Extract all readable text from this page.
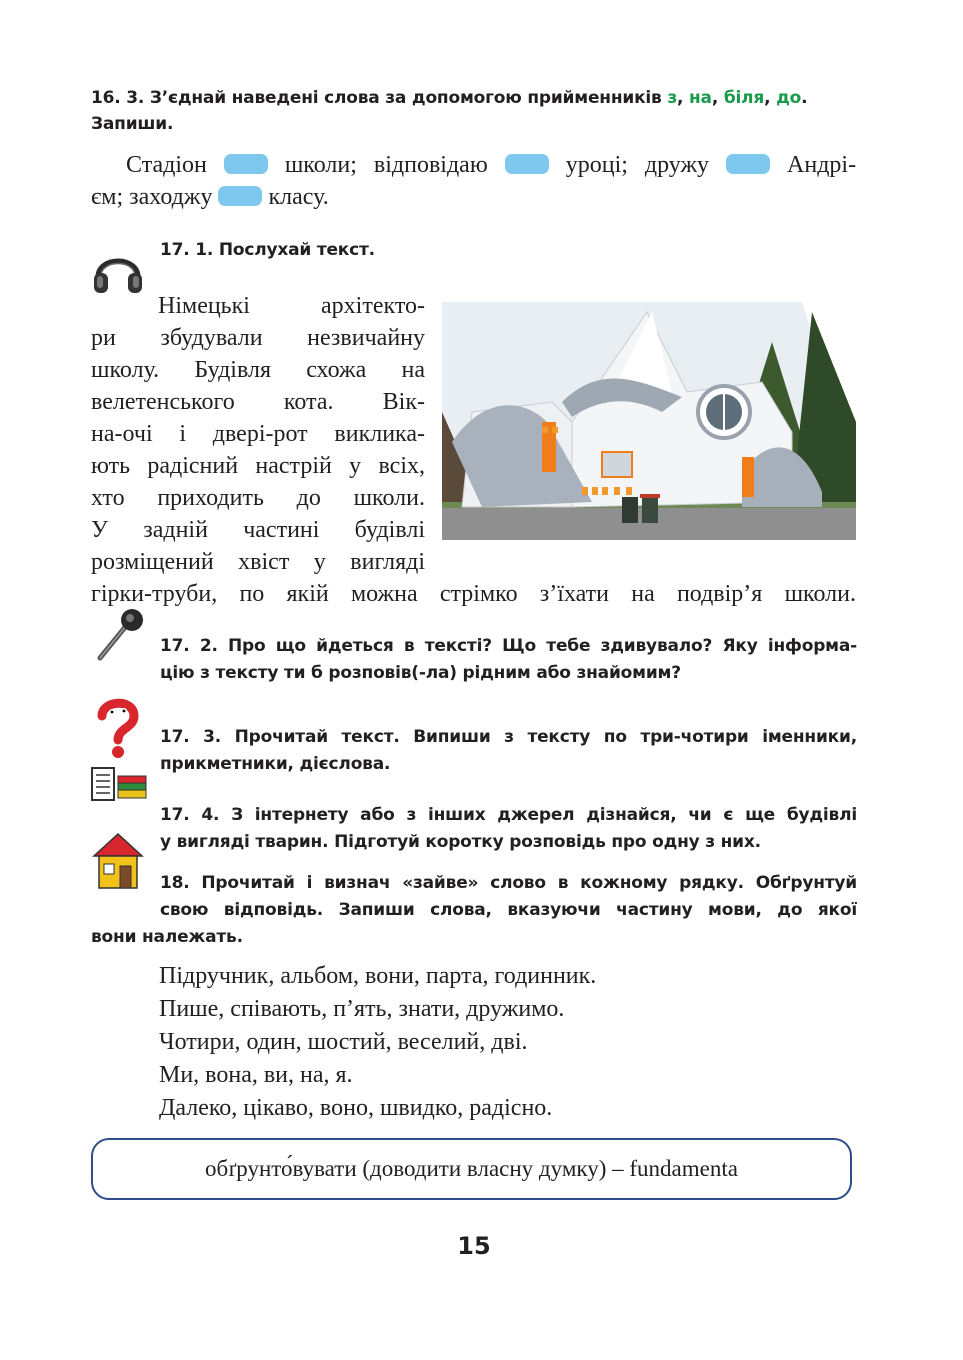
16. 3. З’єднай наведені слова за допомогою прийменників з, на, біля, до.
Запиши.
Стадіон	школи; відповідаю	уроці; дружу	Андрі-
єм; заходжу класу.
17. 1. Послухай текст.
Німецькі архітекто-
ри збудували незвичайну
школу. Будівля схожа на
велетенського кота. Вік-
на-очі і двері-рот виклика-
ють радісний настрій у всіх,
хто приходить до школи.
У задній частині будівлі
розміщений хвіст у вигляді
гірки-труби, по якій можна стрімко з’їхати на подвір’я школи.
17. 2. Про що йдеться в тексті? Що тебе здивувало? Яку інформа-
цію з тексту ти б розповів(-ла) рідним або знайомим?
17. 3. Прочитай текст. Випиши з тексту по три-чотири іменники,
прикметники, дієслова.
17. 4. З інтернету або з інших джерел дізнайся, чи є ще будівлі
у вигляді тварин. Підготуй коротку розповідь про одну з них.
18. Прочитай і визнач «зайве» слово в кожному рядку. Обґрунтуй
свою відповідь. Запиши слова, вказуючи частину мови, до якої
вони належать.
Підручник, альбом, вони, парта, годинник.
Пише, співають, п’ять, знати, дружимо.
Чотири, один, шостий, веселий, дві.
Ми, вона, ви, на, я.
Далеко, цікаво, воно, швидко, радісно.
обґрунто́вувати (доводити власну думку) – fundamenta
15
